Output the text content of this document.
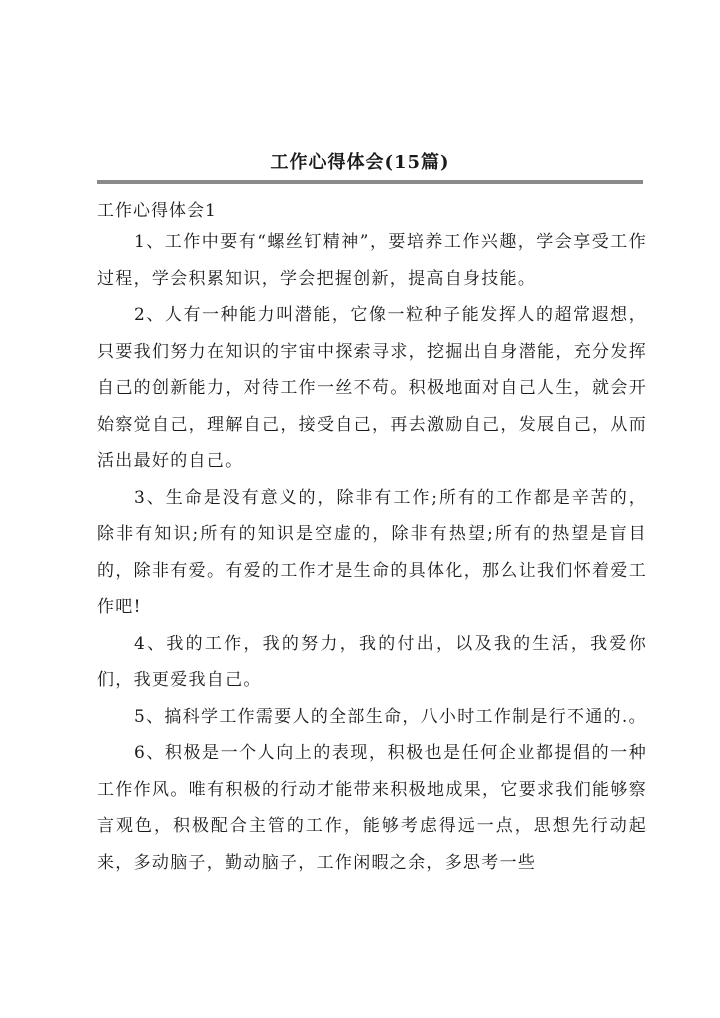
工作心得体会(15篇)
工作心得体会1

1、工作中要有“螺丝钉精神”，要培养工作兴趣，学会享受工作过程，学会积累知识，学会把握创新，提高自身技能。

2、人有一种能力叫潜能，它像一粒种子能发挥人的超常遐想，只要我们努力在知识的宇宙中探索寻求，挖掘出自身潜能，充分发挥自己的创新能力，对待工作一丝不苟。积极地面对自己人生，就会开始察觉自己，理解自己，接受自己，再去激励自己，发展自己，从而活出最好的自己。

3、生命是没有意义的，除非有工作;所有的工作都是辛苦的，除非有知识;所有的知识是空虚的，除非有热望;所有的热望是盲目的，除非有爱。有爱的工作才是生命的具体化，那么让我们怀着爱工作吧!

4、我的工作，我的努力，我的付出，以及我的生活，我爱你们，我更爱我自己。

5、搞科学工作需要人的全部生命，八小时工作制是行不通的.。

6、积极是一个人向上的表现，积极也是任何企业都提倡的一种工作作风。唯有积极的行动才能带来积极地成果，它要求我们能够察言观色，积极配合主管的工作，能够考虑得远一点，思想先行动起来，多动脑子，勤动脑子，工作闲暇之余，多思考一些
